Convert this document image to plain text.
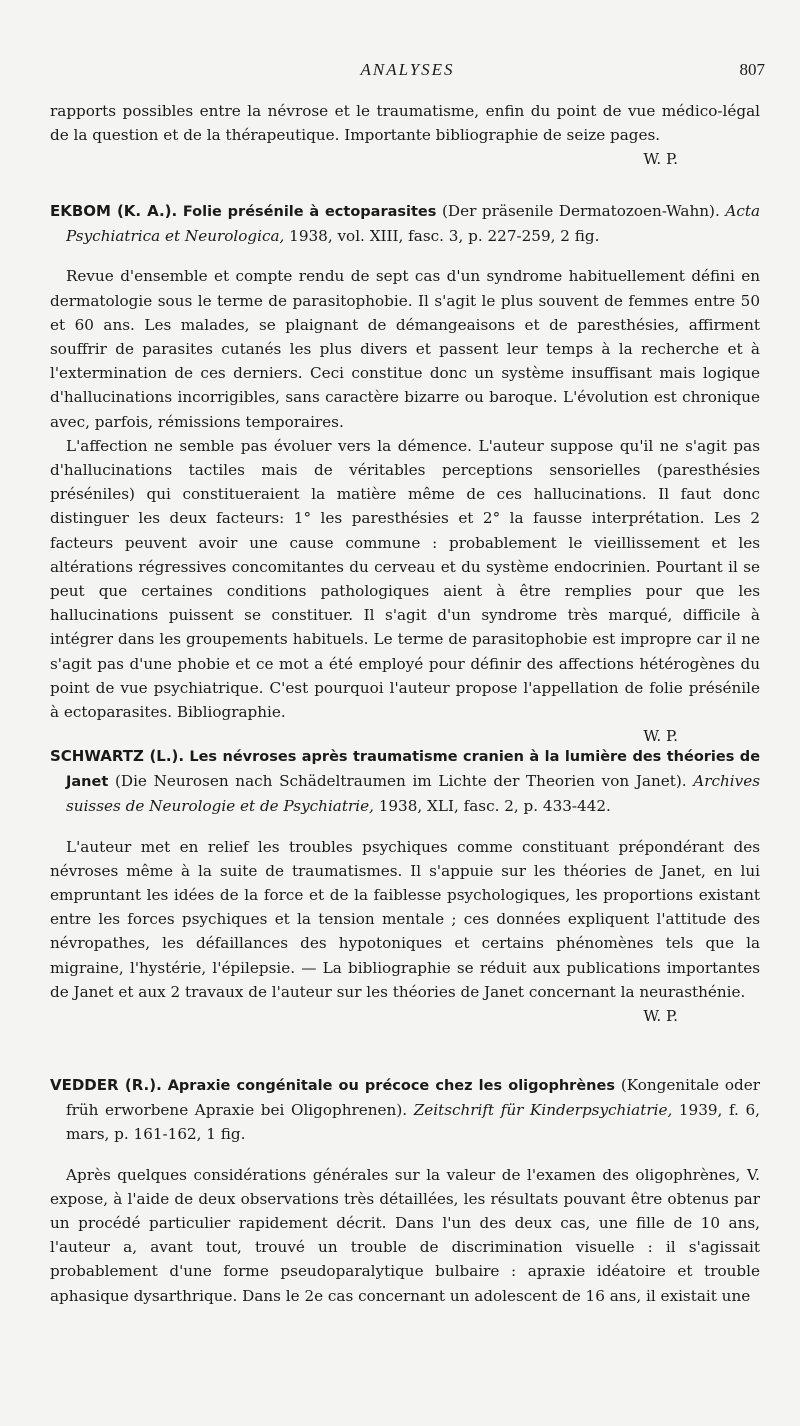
ANALYSES	807

rapports possibles entre la névrose et le traumatisme, enfin du point de vue médico-légal de la question et de la thérapeutique. Importante bibliographie de seize pages.

W. P.

EKBOM (K. A.). Folie présénile à ectoparasites (Der präsenile Dermatozoen-Wahn). Acta Psychiatrica et Neurologica, 1938, vol. XIII, fasc. 3, p. 227-259, 2 fig.

Revue d'ensemble et compte rendu de sept cas d'un syndrome habituellement défini en dermatologie sous le terme de parasitophobie. Il s'agit le plus souvent de femmes entre 50 et 60 ans. Les malades, se plaignant de démangeaisons et de paresthésies, affirment souffrir de parasites cutanés les plus divers et passent leur temps à la recherche et à l'extermination de ces derniers. Ceci constitue donc un système insuffisant mais logique d'hallucinations incorrigibles, sans caractère bizarre ou baroque. L'évolution est chronique avec, parfois, rémissions temporaires.

L'affection ne semble pas évoluer vers la démence. L'auteur suppose qu'il ne s'agit pas d'hallucinations tactiles mais de véritables perceptions sensorielles (paresthésies préséniles) qui constitueraient la matière même de ces hallucinations. Il faut donc distinguer les deux facteurs: 1° les paresthésies et 2° la fausse interprétation. Les 2 facteurs peuvent avoir une cause commune : probablement le vieillissement et les altérations régressives concomitantes du cerveau et du système endocrinien. Pourtant il se peut que certaines conditions pathologiques aient à être remplies pour que les hallucinations puissent se constituer. Il s'agit d'un syndrome très marqué, difficile à intégrer dans les groupements habituels. Le terme de parasitophobie est impropre car il ne s'agit pas d'une phobie et ce mot a été employé pour définir des affections hétérogènes du point de vue psychiatrique. C'est pourquoi l'auteur propose l'appellation de folie présénile à ectoparasites. Bibliographie.

W. P.

SCHWARTZ (L.). Les névroses après traumatisme cranien à la lumière des théories de Janet (Die Neurosen nach Schädeltraumen im Lichte der Theorien von Janet). Archives suisses de Neurologie et de Psychiatrie, 1938, XLI, fasc. 2, p. 433-442.

L'auteur met en relief les troubles psychiques comme constituant prépondérant des névroses même à la suite de traumatismes. Il s'appuie sur les théories de Janet, en lui empruntant les idées de la force et de la faiblesse psychologiques, les proportions existant entre les forces psychiques et la tension mentale ; ces données expliquent l'attitude des névropathes, les défaillances des hypotoniques et certains phénomènes tels que la migraine, l'hystérie, l'épilepsie. — La bibliographie se réduit aux publications importantes de Janet et aux 2 travaux de l'auteur sur les théories de Janet concernant la neurasthénie.

W. P.

VEDDER (R.). Apraxie congénitale ou précoce chez les oligophrènes (Kongenitale oder früh erworbene Apraxie bei Oligophrenen). Zeitschrift für Kinderpsychiatrie, 1939, f. 6, mars, p. 161-162, 1 fig.

Après quelques considérations générales sur la valeur de l'examen des oligophrènes, V. expose, à l'aide de deux observations très détaillées, les résultats pouvant être obtenus par un procédé particulier rapidement décrit. Dans l'un des deux cas, une fille de 10 ans, l'auteur a, avant tout, trouvé un trouble de discrimination visuelle : il s'agissait probablement d'une forme pseudoparalytique bulbaire : apraxie idéatoire et trouble aphasique dysarthrique. Dans le 2e cas concernant un adolescent de 16 ans, il existait une
